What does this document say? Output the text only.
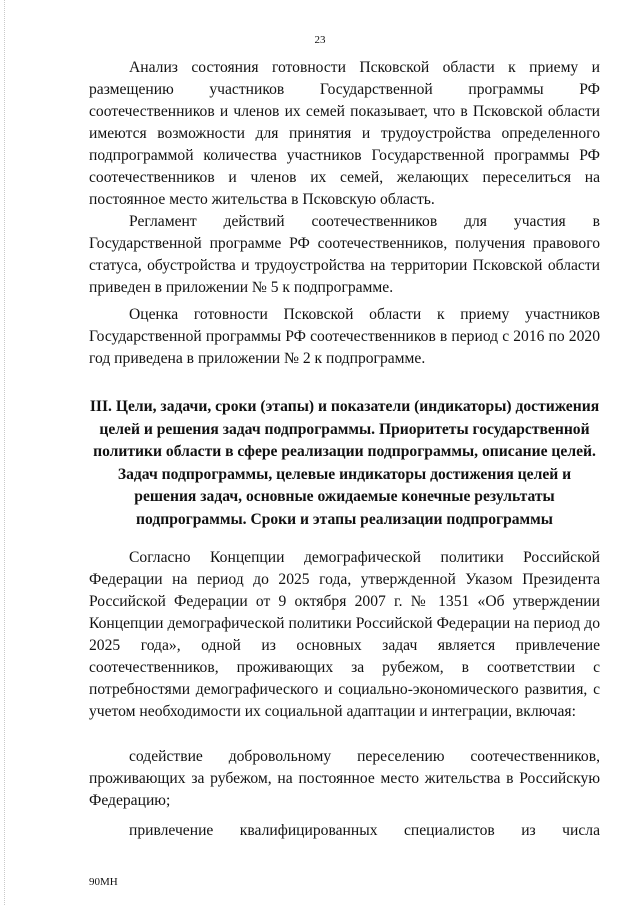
23

Анализ состояния готовности Псковской области к приему и размещению участников Государственной программы РФ соотечественников и членов их семей показывает, что в Псковской области имеются возможности для принятия и трудоустройства определенного подпрограммой количества участников Государственной программы РФ соотечественников и членов их семей, желающих переселиться на постоянное место жительства в Псковскую область.

Регламент действий соотечественников для участия в Государственной программе РФ соотечественников, получения правового статуса, обустройства и трудоустройства на территории Псковской области приведен в приложении № 5 к подпрограмме.

Оценка готовности Псковской области к приему участников Государственной программы РФ соотечественников в период с 2016 по 2020 год приведена в приложении № 2 к подпрограмме.

III. Цели, задачи, сроки (этапы) и показатели (индикаторы) достижения целей и решения задач подпрограммы. Приоритеты государственной политики области в сфере реализации подпрограммы, описание целей. Задач подпрограммы, целевые индикаторы достижения целей и решения задач, основные ожидаемые конечные результаты подпрограммы. Сроки и этапы реализации подпрограммы

Согласно Концепции демографической политики Российской Федерации на период до 2025 года, утвержденной Указом Президента Российской Федерации от 9 октября 2007 г. № 1351 «Об утверждении Концепции демографической политики Российской Федерации на период до 2025 года», одной из основных задач является привлечение соотечественников, проживающих за рубежом, в соответствии с потребностями демографического и социально-экономического развития, с учетом необходимости их социальной адаптации и интеграции, включая:

содействие добровольному переселению соотечественников, проживающих за рубежом, на постоянное место жительства в Российскую Федерацию;

привлечение квалифицированных специалистов из числа

90МН
